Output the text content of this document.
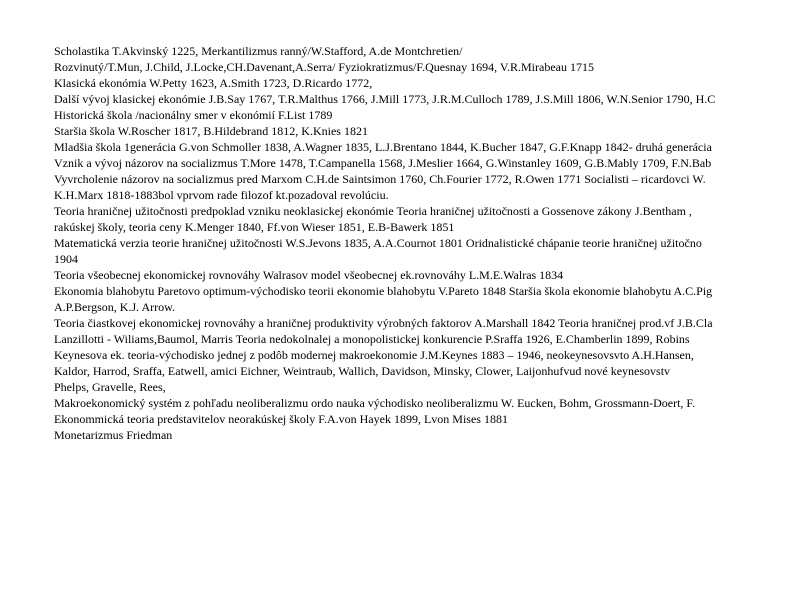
Scholastika T.Akvinský 1225, Merkantilizmus ranný/W.Stafford, A.de Montchretien/
Rozvinutý/T.Mun, J.Child, J.Locke,CH.Davenant,A.Serra/ Fyziokratizmus/F.Quesnay 1694, V.R.Mirabeau 1715
Klasická ekonómia W.Petty 1623, A.Smith 1723, D.Ricardo 1772,
Další vývoj klasickej ekonómie J.B.Say 1767, T.R.Malthus 1766, J.Mill 1773, J.R.M.Culloch 1789, J.S.Mill 1806, W.N.Senior 1790, H.C
Historická škola /nacionálny smer v ekonómií F.List 1789
Staršia škola W.Roscher 1817, B.Hildebrand 1812, K.Knies 1821
Mladšia škola 1generácia G.von Schmoller 1838, A.Wagner 1835, L.J.Brentano 1844, K.Bucher 1847, G.F.Knapp 1842- druhá generácia
Vznik a vývoj názorov na socializmus T.More 1478, T.Campanella 1568, J.Meslier 1664, G.Winstanley 1609, G.B.Mably 1709, F.N.Bab
Vyvrcholenie názorov na socializmus pred Marxom C.H.de Saintsimon 1760, Ch.Fourier 1772, R.Owen 1771 Socialisti – ricardovci W.
K.H.Marx 1818-1883bol vprvom rade filozof kt.pozadoval revolúciu.
Teoria hraničnej užitočnosti predpoklad vzniku neoklasickej ekonómie Teoria hraničnej užitočnosti a Gossenove zákony J.Bentham ,
rakúskej školy, teoria ceny K.Menger 1840, Ff.von Wieser 1851, E.B-Bawerk 1851
Matematická verzia teorie hraničnej užitočnosti W.S.Jevons 1835, A.A.Cournot 1801 Oridnalistické chápanie teorie hraničnej užitočno
1904
Teoria všeobecnej ekonomickej rovnováhy Walrasov model všeobecnej ek.rovnováhy L.M.E.Walras 1834
Ekonomia blahobytu Paretovo optimum-východisko teorii ekonomie blahobytu V.Pareto 1848 Staršia škola ekonomie blahobytu A.C.Pig
A.P.Bergson, K.J. Arrow.
Teoria čiastkovej ekonomickej rovnováhy a hraničnej produktivity výrobných faktorov A.Marshall 1842 Teoria hraničnej prod.vf J.B.Cla
Lanzillotti - Wiliams,Baumol, Marris Teoria nedokolnalej a monopolistickej konkurencie P.Sraffa 1926, E.Chamberlin 1899, Robins
Keynesova ek. teoria-východisko jednej z podôb modernej makroekonomie J.M.Keynes 1883 – 1946, neokeynesovsvto A.H.Hansen,
Kaldor, Harrod, Sraffa, Eatwell, amici Eichner, Weintraub, Wallich, Davidson, Minsky, Clower, Laijonhufvud nové keynesovstv
Phelps, Gravelle, Rees,
Makroekonomický systém z pohľadu neoliberalizmu ordo nauka východisko neoliberalizmu W. Eucken, Bohm, Grossmann-Doert, F.
Ekonommická teoria predstavitelov neorakúskej školy F.A.von Hayek 1899, Lvon Mises 1881
Monetarizmus Friedman
